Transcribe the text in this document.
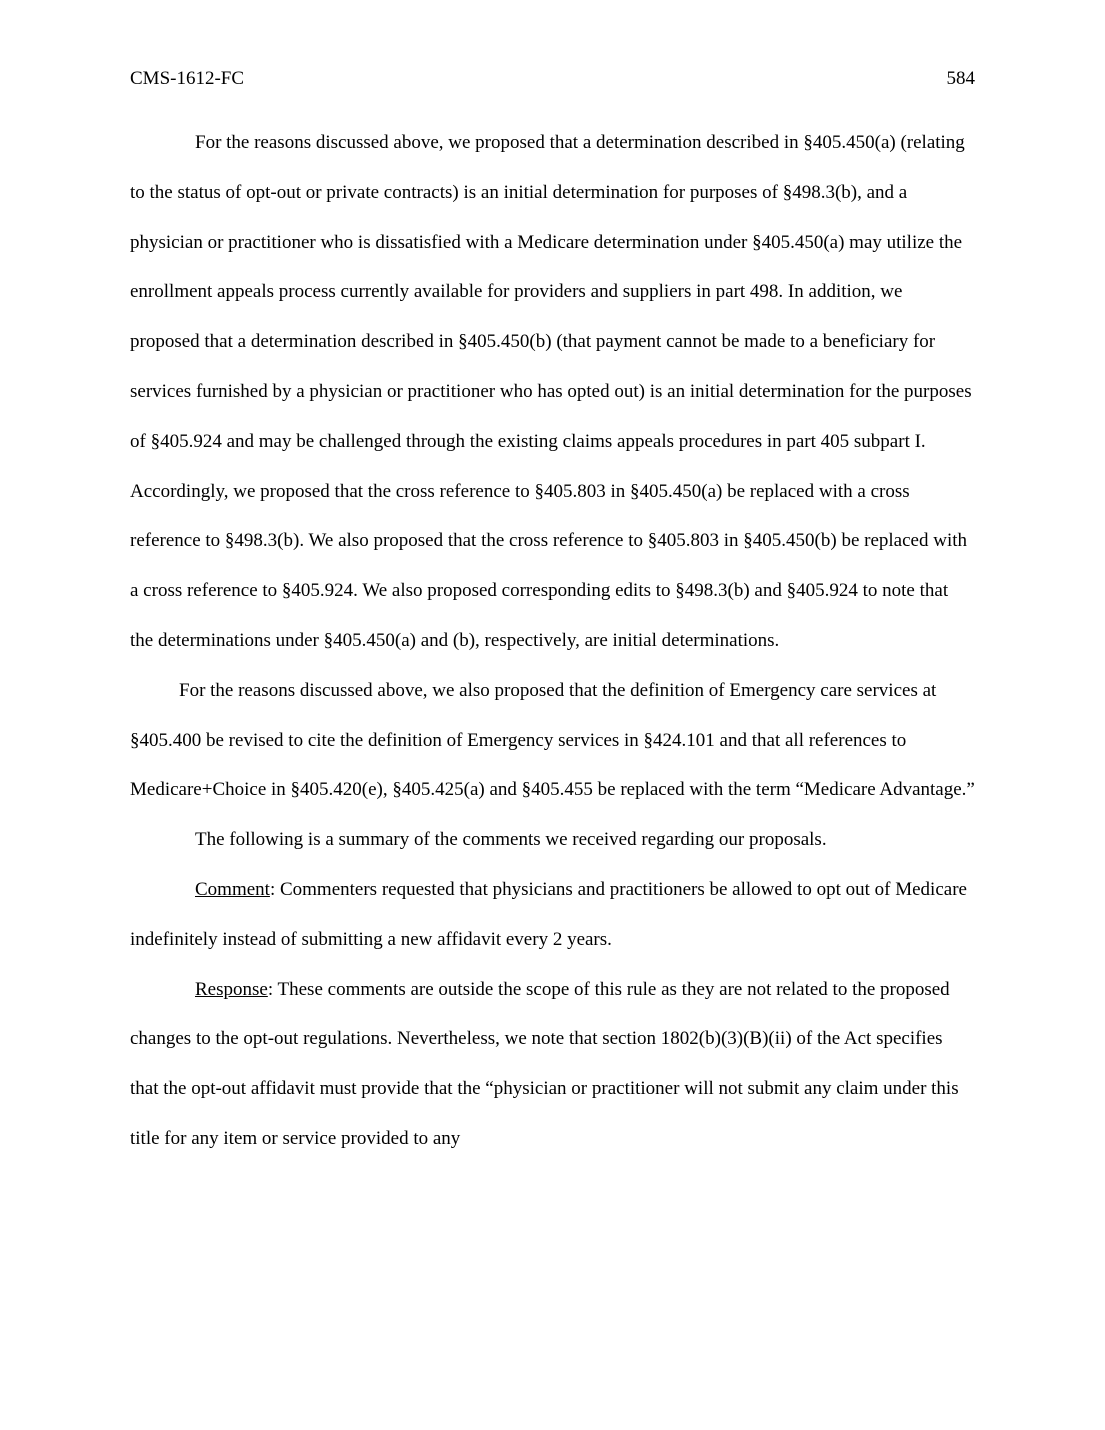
CMS-1612-FC	584

For the reasons discussed above, we proposed that a determination described in §405.450(a) (relating to the status of opt-out or private contracts) is an initial determination for purposes of §498.3(b), and a physician or practitioner who is dissatisfied with a Medicare determination under §405.450(a) may utilize the enrollment appeals process currently available for providers and suppliers in part 498. In addition, we proposed that a determination described in §405.450(b) (that payment cannot be made to a beneficiary for services furnished by a physician or practitioner who has opted out) is an initial determination for the purposes of §405.924 and may be challenged through the existing claims appeals procedures in part 405 subpart I. Accordingly, we proposed that the cross reference to §405.803 in §405.450(a) be replaced with a cross reference to §498.3(b). We also proposed that the cross reference to §405.803 in §405.450(b) be replaced with a cross reference to §405.924. We also proposed corresponding edits to §498.3(b) and §405.924 to note that the determinations under §405.450(a) and (b), respectively, are initial determinations.

For the reasons discussed above, we also proposed that the definition of Emergency care services at §405.400 be revised to cite the definition of Emergency services in §424.101 and that all references to Medicare+Choice in §405.420(e), §405.425(a) and §405.455 be replaced with the term “Medicare Advantage.”

The following is a summary of the comments we received regarding our proposals.

Comment: Commenters requested that physicians and practitioners be allowed to opt out of Medicare indefinitely instead of submitting a new affidavit every 2 years.

Response: These comments are outside the scope of this rule as they are not related to the proposed changes to the opt-out regulations. Nevertheless, we note that section 1802(b)(3)(B)(ii) of the Act specifies that the opt-out affidavit must provide that the “physician or practitioner will not submit any claim under this title for any item or service provided to any
